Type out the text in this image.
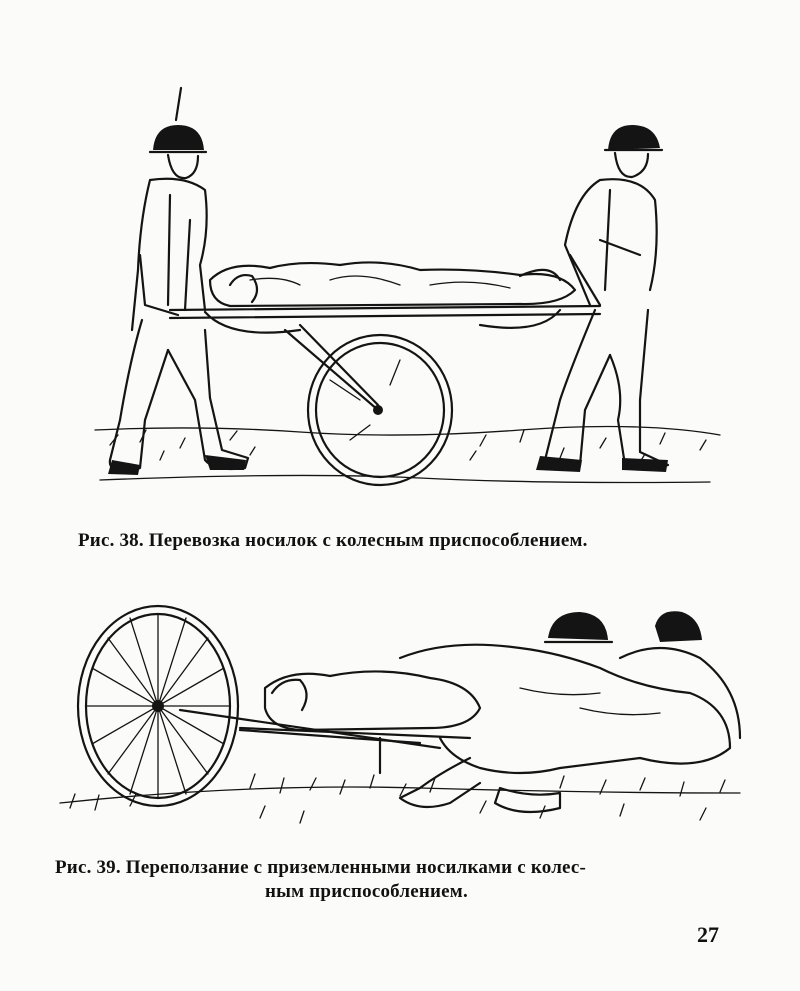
Рис. 38. Перевозка носилок с колесным приспособлением.
Рис. 39. Переползание с приземленными носилками с колес-
ным приспособлением.
27
